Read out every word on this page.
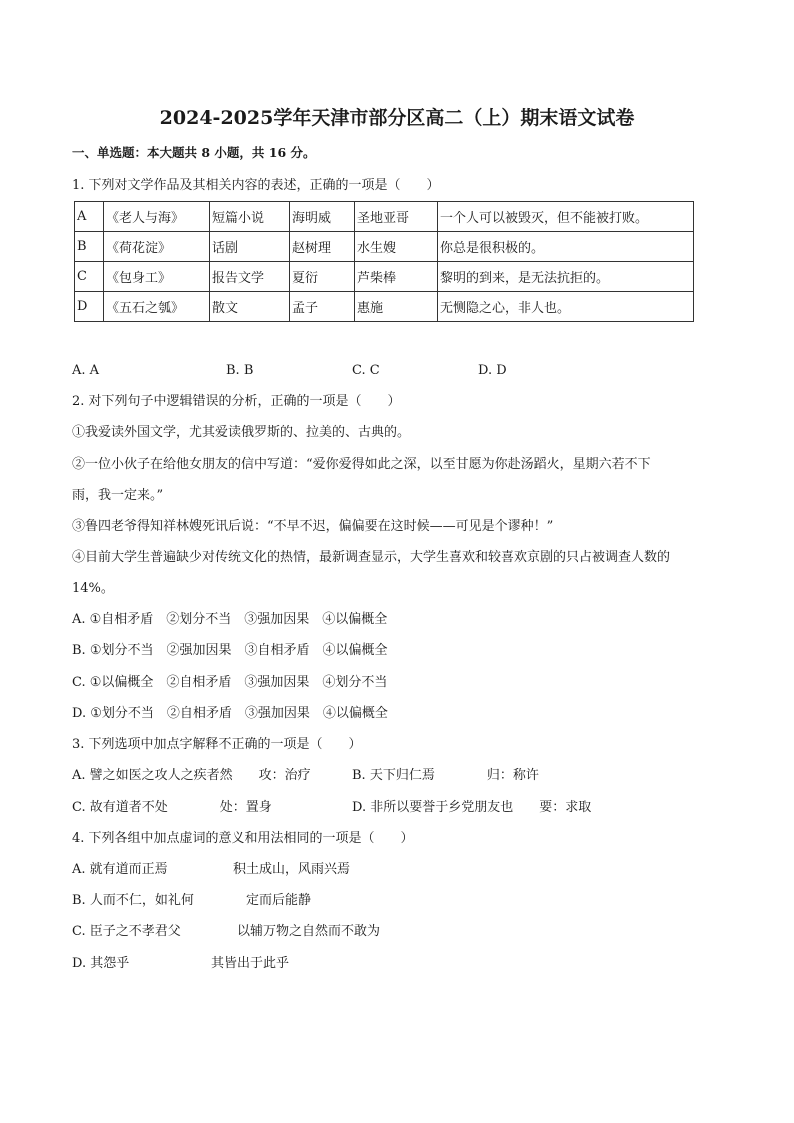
2024-2025学年天津市部分区高二（上）期末语文试卷
一、单选题：本大题共 8 小题，共 16 分。
1. 下列对文学作品及其相关内容的表述，正确的一项是（　　）
A	《老人与海》	短篇小说	海明威	圣地亚哥	一个人可以被毁灭，但不能被打败。
B	《荷花淀》	话剧	赵树理	水生嫂	你总是很积极的。
C	《包身工》	报告文学	夏衍	芦柴棒	黎明的到来，是无法抗拒的。
D	《五石之瓠》	散文	孟子	惠施	无恻隐之心，非人也。
A. A	B. B	C. C	D. D
2. 对下列句子中逻辑错误的分析，正确的一项是（　　）
①我爱读外国文学，尤其爱读俄罗斯的、拉美的、古典的。
②一位小伙子在给他女朋友的信中写道：“爱你爱得如此之深，以至甘愿为你赴汤蹈火，星期六若不下
雨，我一定来。”
③鲁四老爷得知祥林嫂死讯后说：“不早不迟，偏偏要在这时候——可见是个谬种！”
④目前大学生普遍缺少对传统文化的热情，最新调查显示，大学生喜欢和较喜欢京剧的只占被调查人数的
14%。
A. ①自相矛盾　②划分不当　③强加因果　④以偏概全
B. ①划分不当　②强加因果　③自相矛盾　④以偏概全
C. ①以偏概全　②自相矛盾　③强加因果　④划分不当
D. ①划分不当　②自相矛盾　③强加因果　④以偏概全
3. 下列选项中加点字解释不正确的一项是（　　）
A. 譬之如医之攻人之疾者然　　攻：治疗	B. 天下归仁焉　　　　归：称许
C. 故有道者不处　　　　处：置身	D. 非所以要誉于乡党朋友也　　要：求取
4. 下列各组中加点虚词的意义和用法相同的一项是（　　）
A. 就有道而正焉	积土成山，风雨兴焉
B. 人而不仁，如礼何	定而后能静
C. 臣子之不孝君父	以辅万物之自然而不敢为
D. 其怨乎	其皆出于此乎
